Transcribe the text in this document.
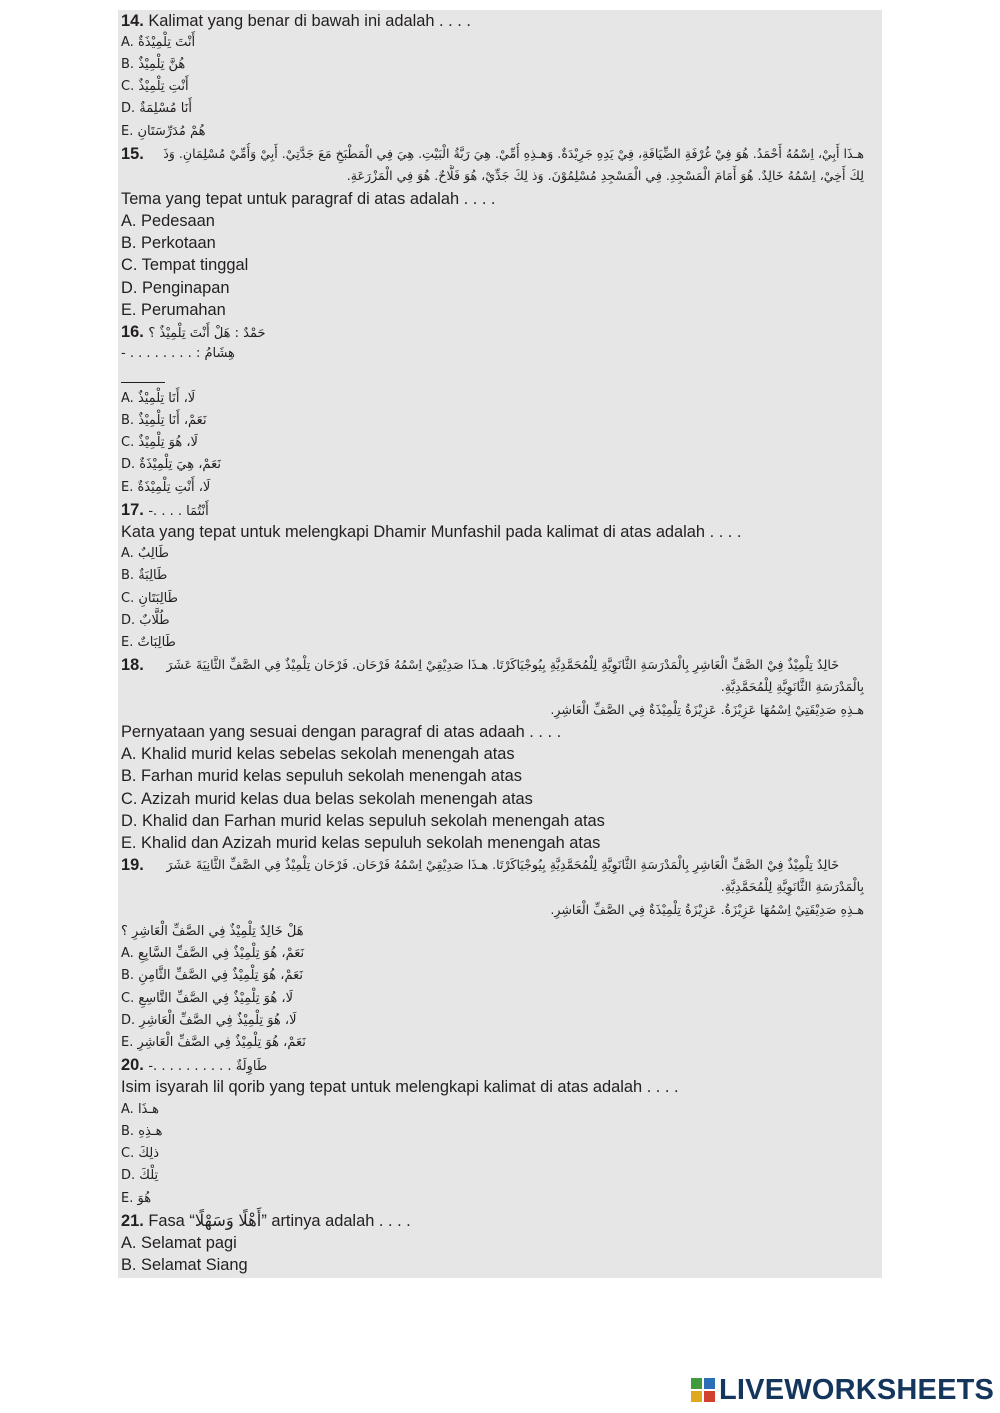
14. Kalimat yang benar di bawah ini adalah . . . .
A. أَنْتَ تِلْمِيْذَةٌ
B. هُنَّ تِلْمِيْذٌ
C. أَنْتِ تِلْمِيْذٌ
D. أَنَا مُسْلِمَةٌ
E. هُمْ مُدَرِّسَتَانِ
15.	هـذَا أَبِيْ، اِسْمُهُ أَحْمَدُ. هُوَ فِيْ غُرْفَةِ الضِّيَافَةِ، فِيْ يَدِهِ جَرِيْدَةٌ. وَهـذِهِ أُمِّيْ. هِيَ رَبَّةُ الْبَيْتِ. هِيَ فِي الْمَطْبَخِ مَعَ جَدَّتِيْ. أَبِيْ وَأُمِّيْ مُسْلِمَانِ. وَذَ
لِكَ أَخِيْ، اِسْمُهُ خَالِدٌ. هُوَ أَمَامَ الْمَسْجِدِ. فِي الْمَسْجِدِ مُسْلِمُوْنَ. وَذ لِكَ جَدِّيْ، هُوَ فَلَّاحٌ. هُوَ فِي الْمَزْرَعَةِ.
Tema yang tepat untuk paragraf di atas adalah . . . .
A. Pedesaan
B. Perkotaan
C. Tempat tinggal
D. Penginapan
E. Perumahan
16. حَمْدٌ : هَلْ أَنْتَ تِلْمِيْذٌ ؟
- . . . . . . . . : هِشَامُ
A. لَا، أَنَا تِلْمِيْذٌ
B. نَعَمْ، أَنَا تِلْمِيْذٌ
C. لَا، هُوَ تِلْمِيْذٌ
D. نَعَمْ، هِيَ تِلْمِيْذَةٌ
E. لَا، أَنْتِ تِلْمِيْذَةٌ
17. -. . . . أَنْتُمَا
Kata yang tepat untuk melengkapi Dhamir Munfashil pada kalimat di atas adalah . . . .
A. طَالِبٌ
B. طَالِبَةٌ
C. طَالِبَتَانِ
D. طُلَّابٌ
E. طَالِبَاتٌ
18.	خَالِدٌ تِلْمِيْذٌ فِيْ الصَّفِّ الْعَاشِرِ بِالْمَدْرَسَةِ الثَّانَوِيَّةِ لِلْمُحَمَّدِيَّةِ بِيُوجْيَاكَرْتَا. هـذَا صَدِيْقِيْ اِسْمُهُ فَرْحَان. فَرْحَان تِلْمِيْذٌ فِي الصَّفِّ الثَّانِيَةَ عَشَرَ
بِالْمَدْرَسَةِ الثَّانَوِيَّةِ لِلْمُحَمَّدِيَّةِ.
هـذِهِ صَدِيْقَتِيْ اِسْمُهَا عَزِيْزَةُ. عَزِيْزَةُ تِلْمِيْذَةٌ فِي الصَّفِّ الْعَاشِرِ.
Pernyataan yang sesuai dengan paragraf di atas adaah . . . .
A. Khalid murid kelas sebelas sekolah menengah atas
B. Farhan murid kelas sepuluh sekolah menengah atas
C. Azizah murid kelas dua belas sekolah menengah atas
D. Khalid dan Farhan murid kelas sepuluh sekolah menengah atas
E. Khalid dan Azizah murid kelas sepuluh sekolah menengah atas
19.	خَالِدٌ تِلْمِيْذٌ فِيْ الصَّفِّ الْعَاشِرِ بِالْمَدْرَسَةِ الثَّانَوِيَّةِ لِلْمُحَمَّدِيَّةِ بِيُوجْيَاكَرْتَا. هـذَا صَدِيْقِيْ اِسْمُهُ فَرْحَان. فَرْحَان تِلْمِيْذٌ فِي الصَّفِّ الثَّانِيَةَ عَشَرَ
بِالْمَدْرَسَةِ الثَّانَوِيَّةِ لِلْمُحَمَّدِيَّةِ.
هـذِهِ صَدِيْقَتِيْ اِسْمُهَا عَزِيْزَةُ. عَزِيْزَةُ تِلْمِيْذَةٌ فِي الصَّفِّ الْعَاشِرِ.
هَلْ خَالِدٌ تِلْمِيْذٌ فِي الصَّفِّ الْعَاشِرِ ؟
A. نَعَمْ، هُوَ تِلْمِيْذٌ فِي الصَّفِّ السَّابِعِ
B. نَعَمْ، هُوَ تِلْمِيْذٌ فِي الصَّفِّ الثَّامِنِ
C. لَا، هُوَ تِلْمِيْذٌ فِي الصَّفِّ التَّاسِعِ
D. لَا، هُوَ تِلْمِيْذٌ فِي الصَّفِّ الْعَاشِرِ
E. نَعَمْ، هُوَ تِلْمِيْذٌ فِي الصَّفِّ الْعَاشِرِ
20. -. . . . . . . . . . طَاوِلَةٌ
Isim isyarah lil qorib yang tepat untuk melengkapi kalimat di atas adalah . . . .
A. هـذَا
B. هـذِهِ
C. ذلِكَ
D. تِلْكَ
E. هُوَ
21. Fasa “أَهْلًا وَسَهْلًا” artinya adalah . . . .
A. Selamat pagi
B. Selamat Siang
LIVEWORKSHEETS
